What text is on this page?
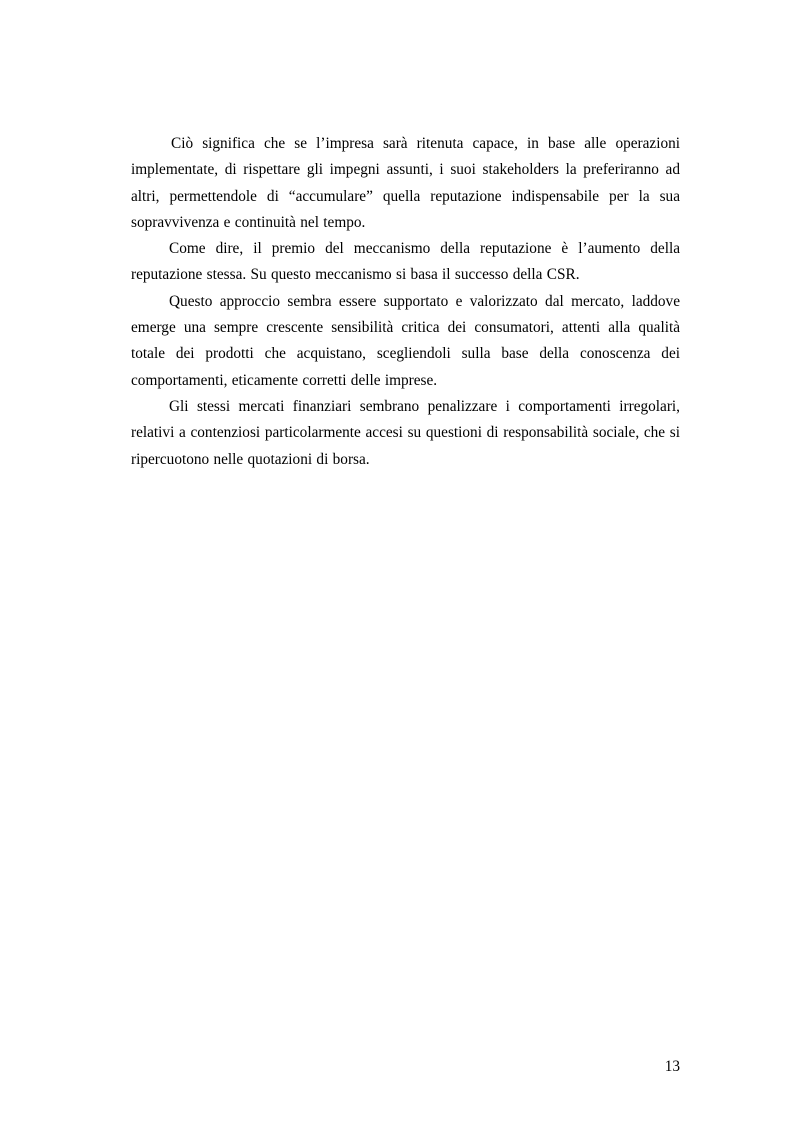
Ciò significa che se l’impresa sarà ritenuta capace, in base alle operazioni implementate, di rispettare gli impegni assunti, i suoi stakeholders la preferiranno ad altri, permettendole di “accumulare” quella reputazione indispensabile per la sua sopravvivenza e continuità nel tempo.

Come dire, il premio del meccanismo della reputazione è l’aumento della reputazione stessa. Su questo meccanismo si basa il successo della CSR.

Questo approccio sembra essere supportato e valorizzato dal mercato, laddove emerge una sempre crescente sensibilità critica dei consumatori, attenti alla qualità totale dei prodotti che acquistano, scegliendoli sulla base della conoscenza dei comportamenti, eticamente corretti delle imprese.

Gli stessi mercati finanziari sembrano penalizzare i comportamenti irregolari, relativi a contenziosi particolarmente accesi su questioni di responsabilità sociale, che si ripercuotono nelle quotazioni di borsa.

13
